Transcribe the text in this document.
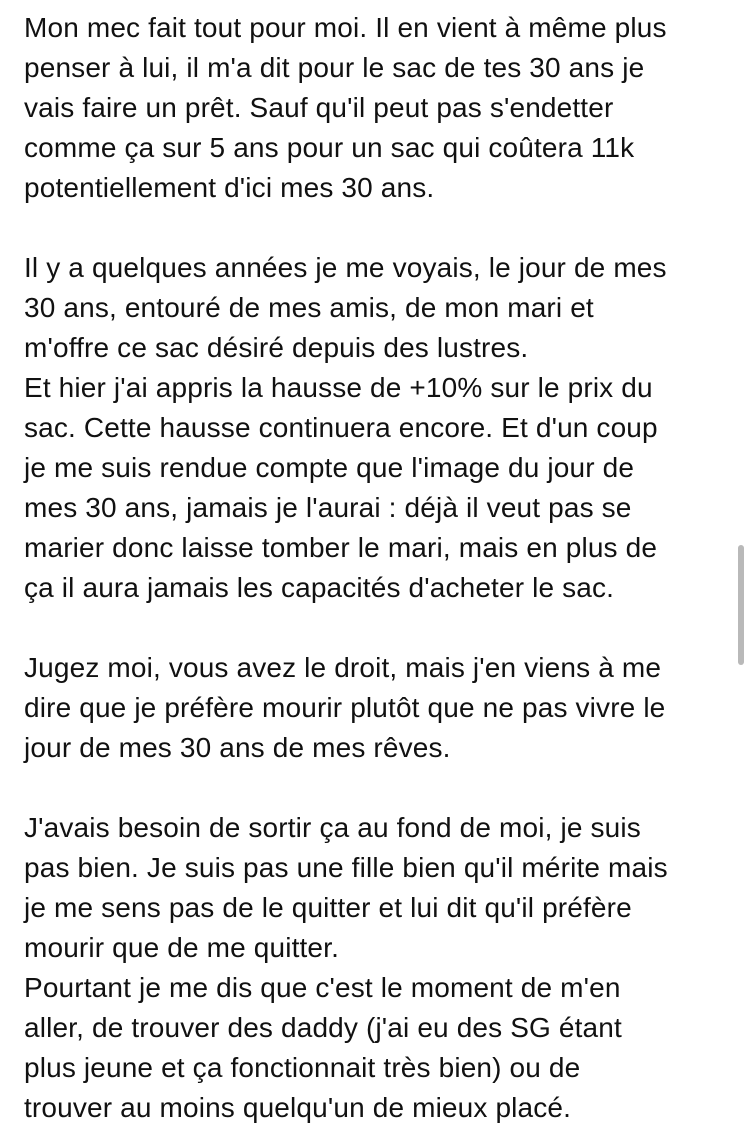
Mon mec fait tout pour moi. Il en vient à même plus
penser à lui, il m'a dit pour le sac de tes 30 ans je
vais faire un prêt. Sauf qu'il peut pas s'endetter
comme ça sur 5 ans pour un sac qui coûtera 11k
potentiellement d'ici mes 30 ans.
Il y a quelques années je me voyais, le jour de mes
30 ans, entouré de mes amis, de mon mari et
m'offre ce sac désiré depuis des lustres.
Et hier j'ai appris la hausse de +10% sur le prix du
sac. Cette hausse continuera encore. Et d'un coup
je me suis rendue compte que l'image du jour de
mes 30 ans, jamais je l'aurai : déjà il veut pas se
marier donc laisse tomber le mari, mais en plus de
ça il aura jamais les capacités d'acheter le sac.
Jugez moi, vous avez le droit, mais j'en viens à me
dire que je préfère mourir plutôt que ne pas vivre le
jour de mes 30 ans de mes rêves.
J'avais besoin de sortir ça au fond de moi, je suis
pas bien. Je suis pas une fille bien qu'il mérite mais
je me sens pas de le quitter et lui dit qu'il préfère
mourir que de me quitter.
Pourtant je me dis que c'est le moment de m'en
aller, de trouver des daddy (j'ai eu des SG étant
plus jeune et ça fonctionnait très bien) ou de
trouver au moins quelqu'un de mieux placé.
